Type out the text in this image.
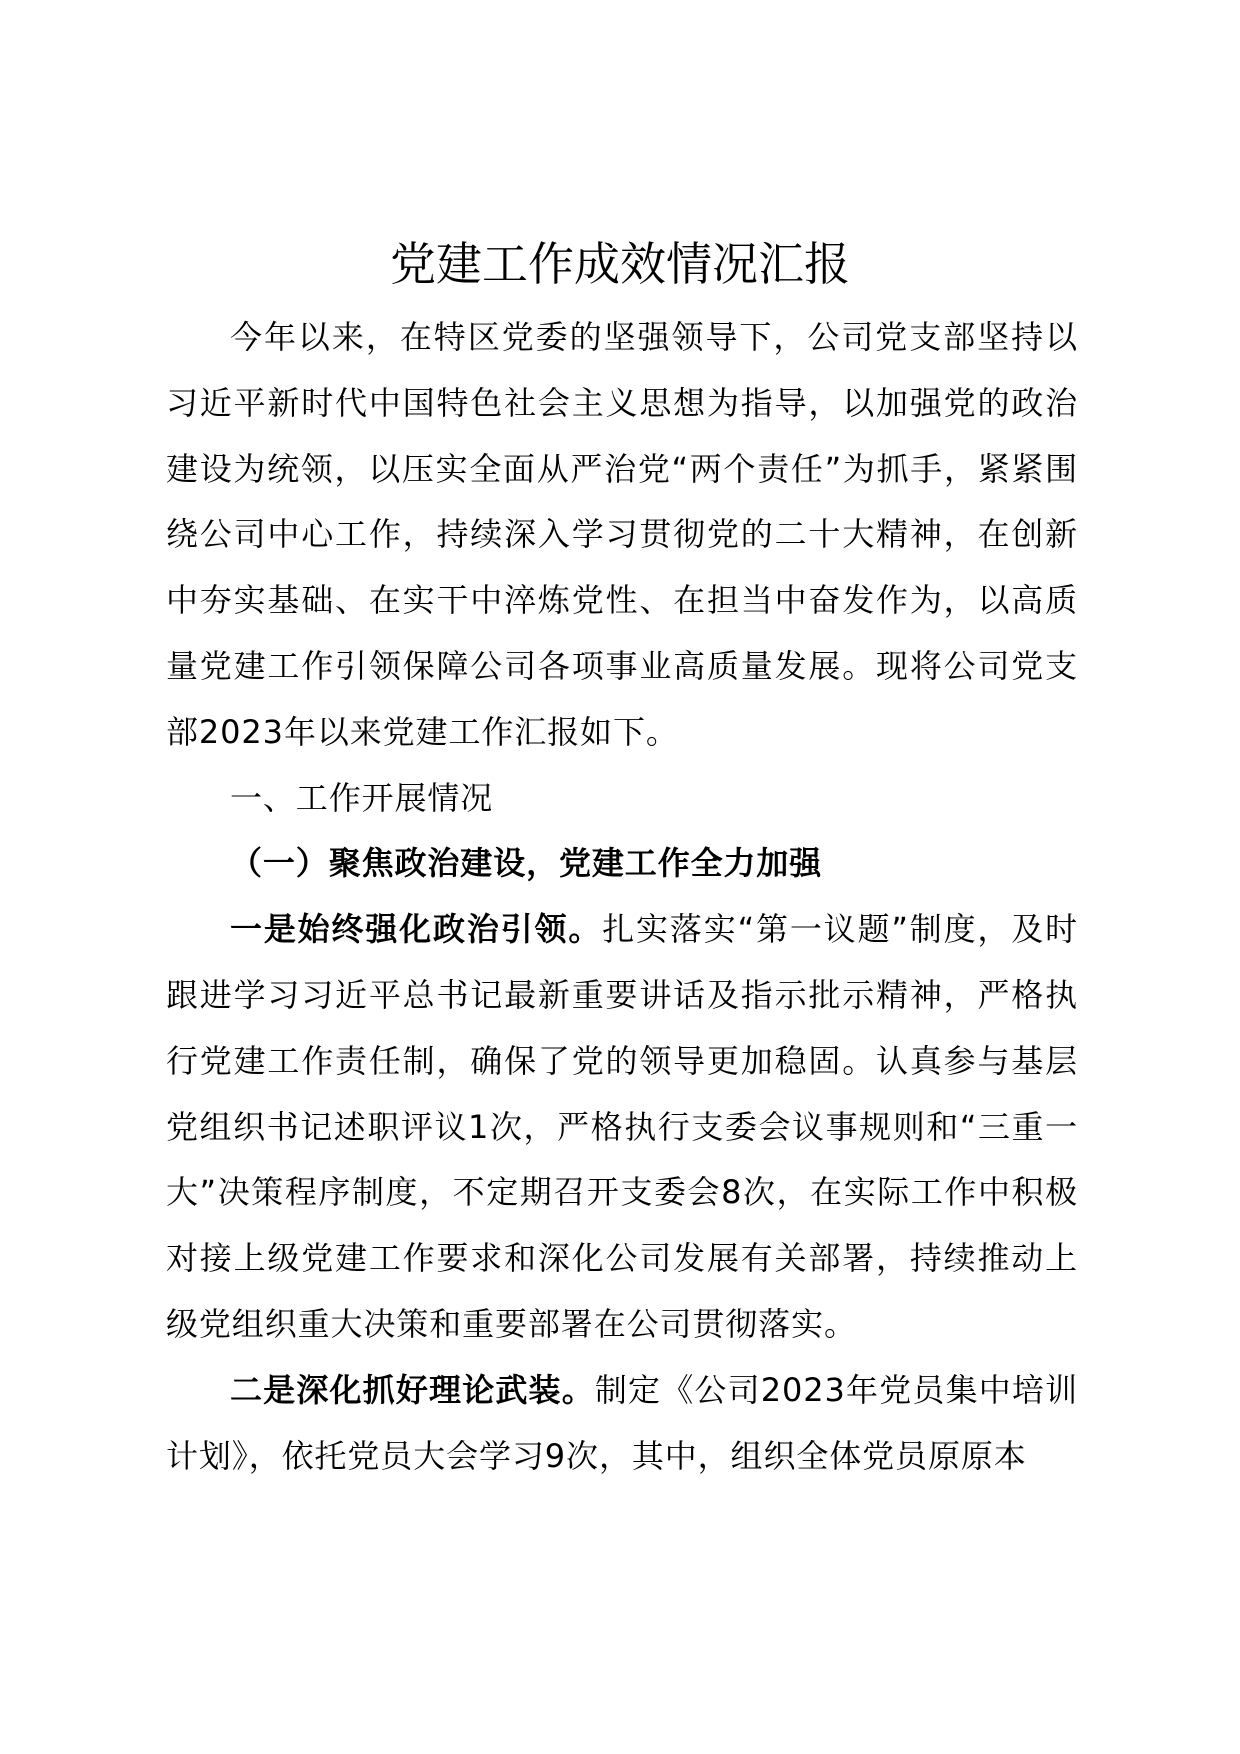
党建工作成效情况汇报

今年以来，在特区党委的坚强领导下，公司党支部坚持以习近平新时代中国特色社会主义思想为指导，以加强党的政治建设为统领，以压实全面从严治党“两个责任”为抓手，紧紧围绕公司中心工作，持续深入学习贯彻党的二十大精神，在创新中夯实基础、在实干中淬炼党性、在担当中奋发作为，以高质量党建工作引领保障公司各项事业高质量发展。现将公司党支部2023年以来党建工作汇报如下。

一、工作开展情况

（一）聚焦政治建设，党建工作全力加强

一是始终强化政治引领。扎实落实“第一议题”制度，及时跟进学习习近平总书记最新重要讲话及指示批示精神，严格执行党建工作责任制，确保了党的领导更加稳固。认真参与基层党组织书记述职评议1次，严格执行支委会议事规则和“三重一大”决策程序制度，不定期召开支委会8次，在实际工作中积极对接上级党建工作要求和深化公司发展有关部署，持续推动上级党组织重大决策和重要部署在公司贯彻落实。

二是深化抓好理论武装。制定《公司2023年党员集中培训计划》，依托党员大会学习9次，其中，组织全体党员原原本
